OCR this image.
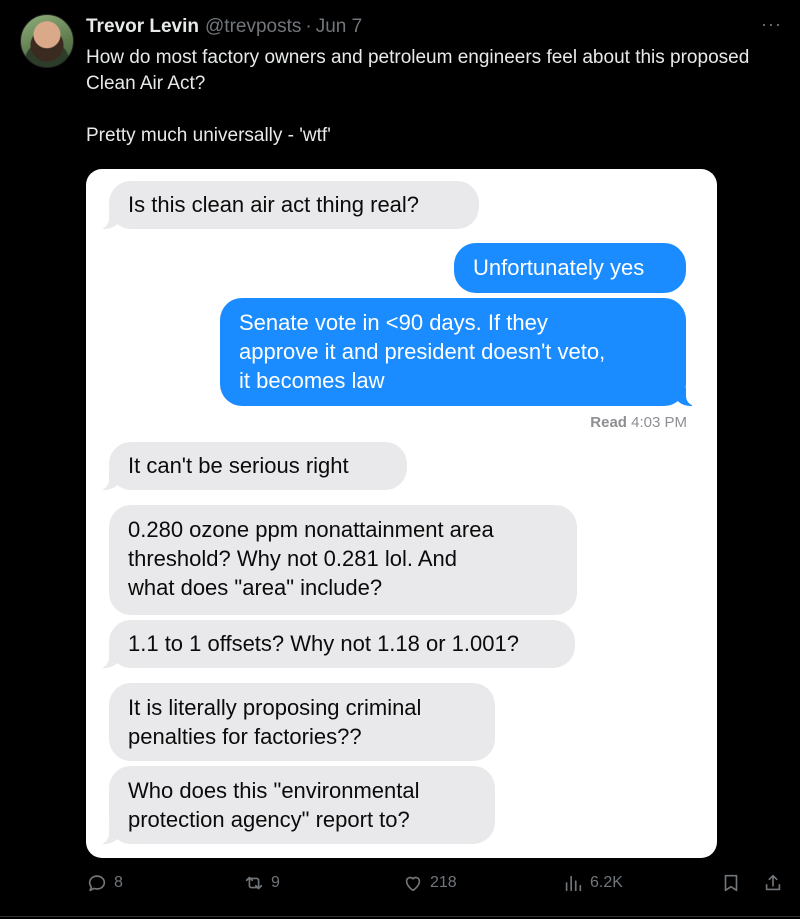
Trevor Levin @trevposts · Jun 7	···

How do most factory owners and petroleum engineers feel about this proposed Clean Air Act?

Pretty much universally - 'wtf'

Is this clean air act thing real?
Unfortunately yes
Senate vote in <90 days. If they
approve it and president doesn't veto,
it becomes law
Read 4:03 PM
It can't be serious right
0.280 ozone ppm nonattainment area
threshold? Why not 0.281 lol. And
what does "area" include?
1.1 to 1 offsets? Why not 1.18 or 1.001?
It is literally proposing criminal
penalties for factories??
Who does this "environmental
protection agency" report to?
8	9	218	6.2K
